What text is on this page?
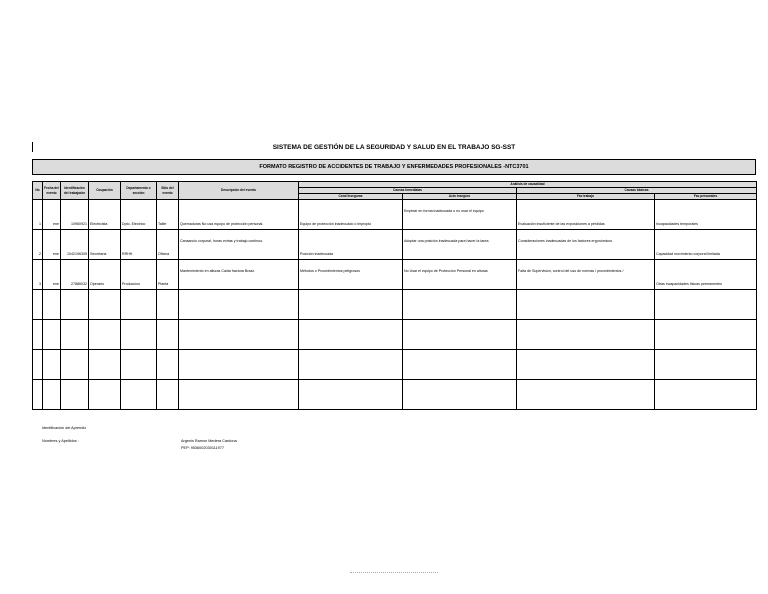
SISTEMA DE GESTIÓN DE LA SEGURIDAD Y SALUD EN EL TRABAJO SG-SST
FORMATO REGISTRO DE ACCIDENTES DE TRABAJO Y ENFERMEDADES PROFESIONALES -NTC3701
No	Fecha del evento	Identificación del trabajador	Ocupación	Departamento o sección	Sitio del evento	Descripción del evento	Análisis de causalidad			
							Causas Inmediatas		Causas básicas	
							Cond Inseguras	Acto Inseguro	Fac trabajo	Fac personales
1	ene	10960921	Electricista	Dpto. Electrico	Taller	Quemaduras No usa equipo de protección personal.	Equipo de protección inadecuado o impropio	Emplear en forma inadecuada o no usar el equipo	Evaluación insuficiente de las exposiciones a pérdidas	Incapacidades temporales
2	ene	1042196305	Secretaria	RRHH	Oficina	Cansancio corporal, horas extras y trabajo continuo.	Posición inadecuada	Adoptar una posición inadecuada para hacer la tarea	Consideraciones inadecuadas de los factores ergonómicos	Capacidad movimiento corporal limitada
3	ene	27886032	Operario	Produccion	Planta	Mantenimiento en alturas Caida fractura Brazo	Métodos o Procedimientos peligrosos	No Usar el equipo de Proteccion Personal en alturas	Falta de Supervision, control del uso de normas / procedimientos /	Otras incapacidades físicas permanentes

Identificación del Aprendiz
Nombres y Apellidos :	Argenis Ramon Medera Cardona
PEP: 9536002030111977
